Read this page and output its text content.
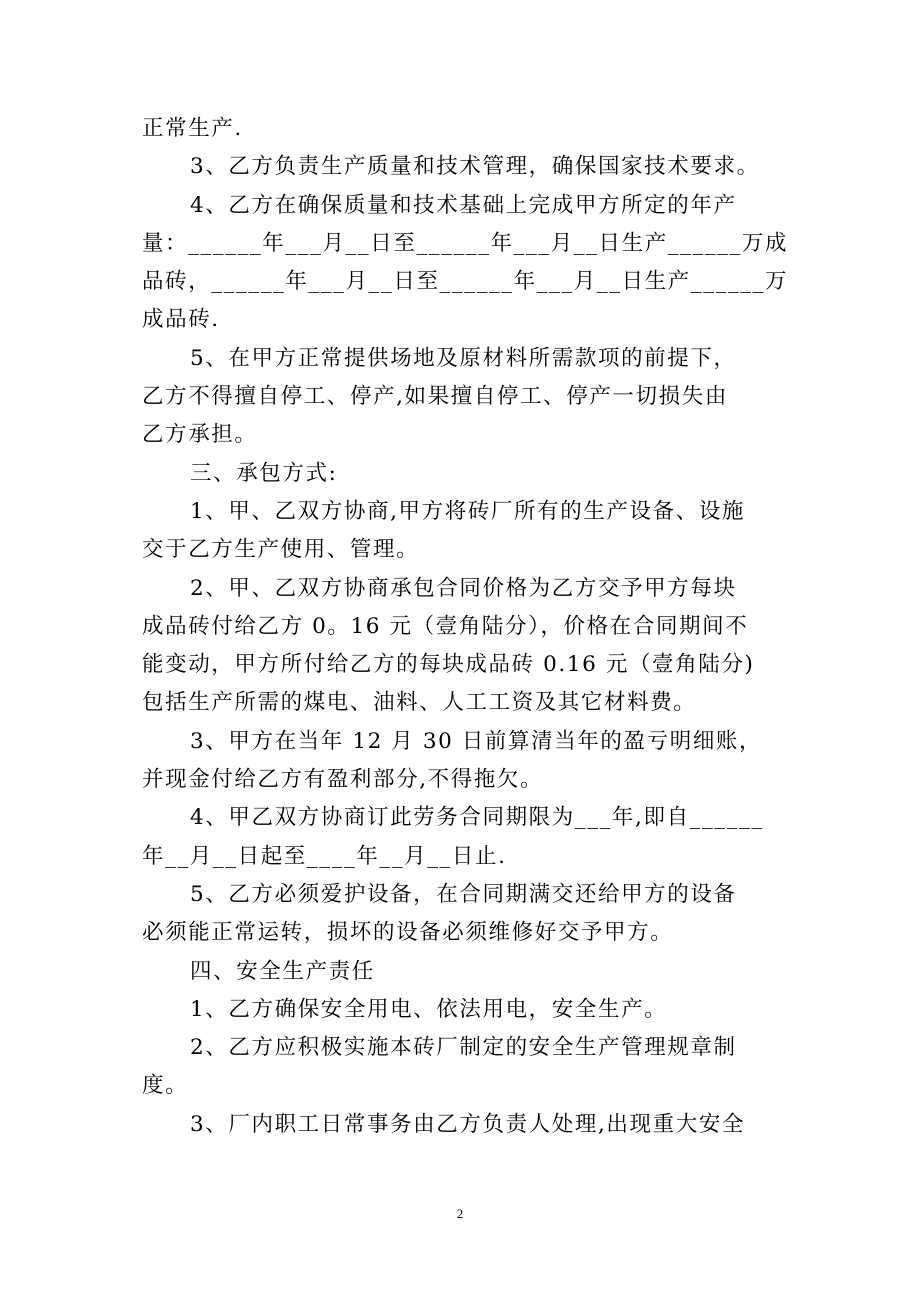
正常生产.
3、乙方负责生产质量和技术管理，确保国家技术要求。
4、乙方在确保质量和技术基础上完成甲方所定的年产
量：______年___月__日至______年___月__日生产______万成
品砖，______年___月__日至______年___月__日生产______万
成品砖.
5、在甲方正常提供场地及原材料所需款项的前提下，
乙方不得擅自停工、停产,如果擅自停工、停产一切损失由
乙方承担。
三、承包方式:
1、甲、乙双方协商,甲方将砖厂所有的生产设备、设施
交于乙方生产使用、管理。
2、甲、乙双方协商承包合同价格为乙方交予甲方每块
成品砖付给乙方 0。16 元（壹角陆分），价格在合同期间不
能变动，甲方所付给乙方的每块成品砖 0.16 元（壹角陆分)
包括生产所需的煤电、油料、人工工资及其它材料费。
3、甲方在当年 12 月 30 日前算清当年的盈亏明细账，
并现金付给乙方有盈利部分,不得拖欠。
4、甲乙双方协商订此劳务合同期限为___年,即自______
年__月__日起至____年__月__日止.
5、乙方必须爱护设备，在合同期满交还给甲方的设备
必须能正常运转，损坏的设备必须维修好交予甲方。
四、安全生产责任
1、乙方确保安全用电、依法用电，安全生产。
2、乙方应积极实施本砖厂制定的安全生产管理规章制
度。
3、厂内职工日常事务由乙方负责人处理,出现重大安全
2
